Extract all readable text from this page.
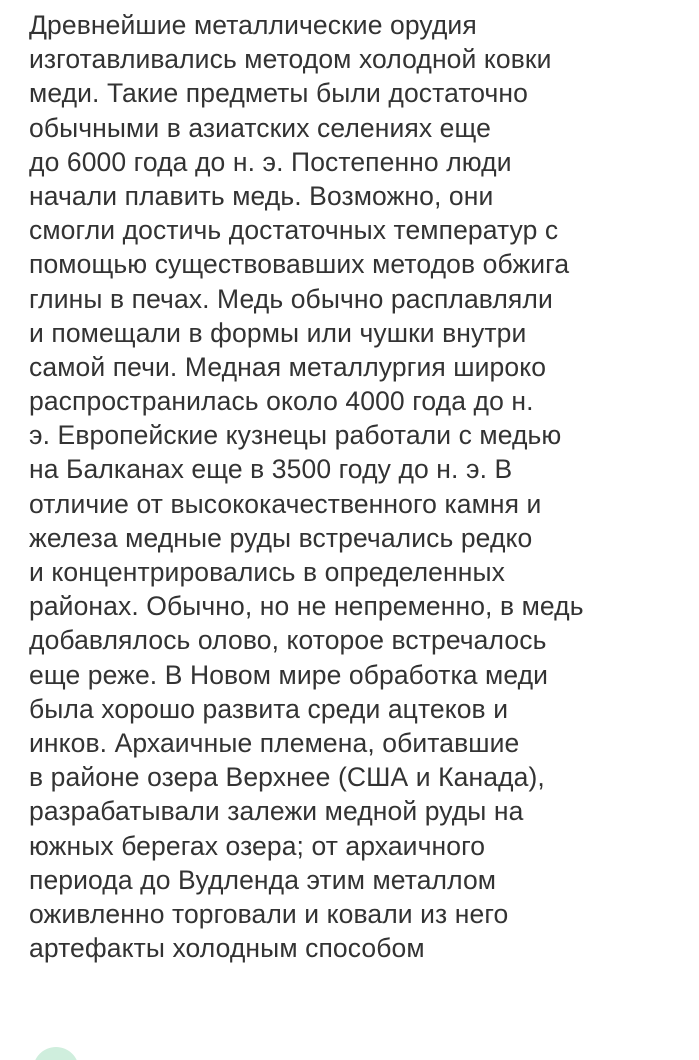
Древнейшие металлические орудия
изготавливались методом холодной ковки
меди. Такие предметы были достаточно
обычными в азиатских селениях еще
до 6000 года до н. э. Постепенно люди
начали плавить медь. Возможно, они
смогли достичь достаточных температур с
помощью существовавших методов обжига
глины в печах. Медь обычно расплавляли
и помещали в формы или чушки внутри
самой печи. Медная металлургия широко
распространилась около 4000 года до н.
э. Европейские кузнецы работали с медью
на Балканах еще в 3500 году до н. э. В
отличие от высококачественного камня и
железа медные руды встречались редко
и концентрировались в определенных
районах. Обычно, но не непременно, в медь
добавлялось олово, которое встречалось
еще реже. В Новом мире обработка меди
была хорошо развита среди ацтеков и
инков. Архаичные племена, обитавшие
в районе озера Верхнее (США и Канада),
разрабатывали залежи медной руды на
южных берегах озера; от архаичного
периода до Вудленда этим металлом
оживленно торговали и ковали из него
артефакты холодным способом
